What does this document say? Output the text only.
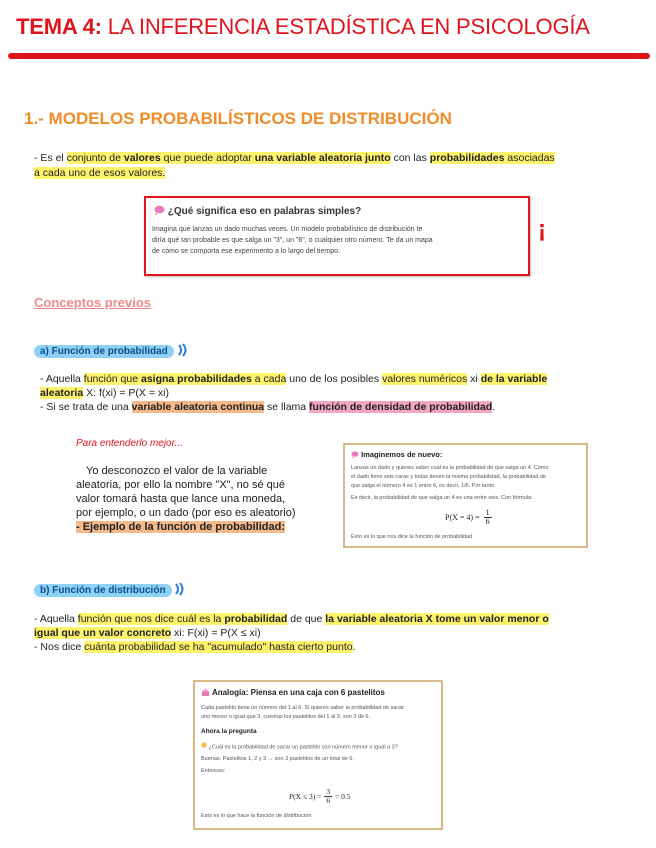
TEMA 4: LA INFERENCIA ESTADÍSTICA EN PSICOLOGÍA
1.- MODELOS PROBABILÍSTICOS DE DISTRIBUCIÓN
- Es el conjunto de valores que puede adoptar una variable aleatoria junto con las probabilidades asociadas
a cada uno de esos valores.
¿Qué significa eso en palabras simples?
Imagina que lanzas un dado muchas veces. Un modelo probabilístico de distribución te
diría qué tan probable es que salga un "3", un "6", o cualquier otro número. Te da un mapa
de cómo se comporta ese experimento a lo largo del tiempo.
¡
Conceptos previos
a) Función de probabilidad
- Aquella función que asigna probabilidades a cada uno de los posibles valores numéricos xi de la variable
aleatoria X: f(xi) = P(X = xi)
- Si se trata de una variable aleatoria continua se llama función de densidad de probabilidad.
Para entenderlo mejor...
Yo desconozco el valor de la variable
aleatoria, por ello la nombre "X", no sé qué
valor tomará hasta que lance una moneda,
por ejemplo, o un dado (por eso es aleatorio)
- Ejemplo de la función de probabilidad:
Imaginemos de nuevo:
Lanzas un dado y quieres saber cuál es la probabilidad de que salga un 4. Como
el dado tiene seis caras y todas tienen la misma probabilidad, la probabilidad de
que salga el número 4 es 1 entre 6, es decir, 1/6. Por tanto:
Es decir, la probabilidad de que salga un 4 es una entre seis. Con fórmula:
$P(X = 4) = \frac{1}{6}$
Esto es lo que nos dice la función de probabilidad
b) Función de distribución
- Aquella función que nos dice cuál es la probabilidad de que la variable aleatoria X tome un valor menor o
igual que un valor concreto xi: F(xi) = P(X ≤ xi)
- Nos dice cuánta probabilidad se ha "acumulado" hasta cierto punto.
Analogía: Piensa en una caja con 6 pastelitos
Cada pastelito tiene un número del 1 al 6. Si quieres saber la probabilidad de sacar
uno menor o igual que 3, cuentas los pastelitos del 1 al 3: son 3 de 6.
Ahora la pregunta
¿Cuál es la probabilidad de sacar un pastelito con número menor o igual a 3?
Buenas: Pastelitos 1, 2 y 3 → son 3 pastelitos de un total de 6.
Entonces:
$P(X \le 3) = \frac{3}{6} = 0.5$
Esto es lo que hace la función de distribución
